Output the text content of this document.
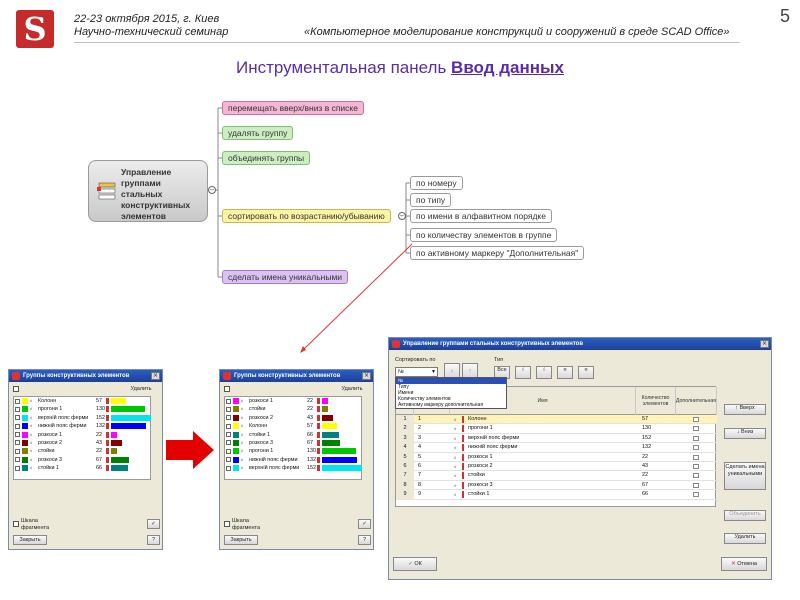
S	22-23 октября 2015, г. Киев
Научно-технический семинар	«Компьютерное моделирование конструкций и сооружений в среде SCAD Office»
5
Инструментальная панель Ввод данных
Управление
группами
стальных
конструктивных
элементов
−
перемещать вверх/вниз в списке
удалять группу
объединять группы
сортировать по возрастанию/убыванию	−
сделать имена уникальными
по номеру
по типу
по имени в алфавитном порядке
по количеству элементов в группе
по активному маркеру "Дополнительная"
Группы конструктивных элементов	×
Удалить
ıl Колонн	57
ıl прогони 1	130
ıl верхній пояс ферми 152
ıl нижній пояс ферми 132
ıl розкоси 1	22
ıl розкоси 2	43
ıl стойки	22
ıl розкоси 3	67
ıl стойки 1	66
Шкала фрагмента
Закрыть
✓
?
Группы конструктивных элементов	×
Удалить
ıl розкоси 1	22
ıl стойки	22
ıl розкоси 2	43
ıl Колонн	57
ıl стойки 1	66
ıl розкоси 3	67
ıl прогони 1	130
ıl нижній пояс ферми 132
ıl верхній пояс ферми 152
Шкала фрагмента
Закрыть
✓
?
Управление группами стальных конструктивных элементов	×
Сортировать по	Тип
№	▼	↓	↑	Все	ıl	ıl	■	■
Имя	Количество элементов	Дополнительная
1	1	ıl Колонн	57
2	2	ıl прогони 1	130
3	3	ıl верхній пояс ферми	152
4	4	ıl нижній пояс ферми	132
5	5	ıl розкоси 1	22
6	6	ıl розкоси 2	43
7	7	ıl стойки	22
8	8	ıl розкоси 3	67
9	9	ıl стойки 1	66
№
Типу
Имени
Количеству элементов
Активному маркеру дополнительная	↑ Вверх
↓ Вниз
Сделать имена уникальными
Объединить
Удалить
✓ ОК	✕ Отмена
